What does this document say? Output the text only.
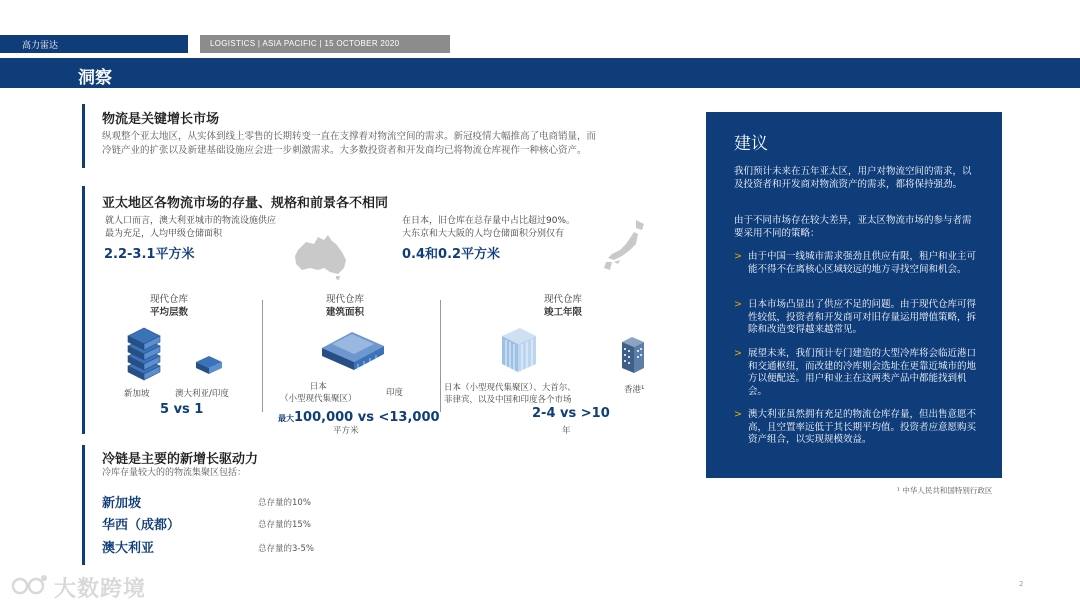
高力雷达	LOGISTICS | ASIA PACIFIC | 15 OCTOBER 2020
洞察
物流是关键增长市场
纵观整个亚太地区，从实体到线上零售的长期转变一直在支撑着对物流空间的需求。新冠疫情大幅推高了电商销量，而
冷链产业的扩张以及新建基础设施应会进一步刺激需求。大多数投资者和开发商均已将物流仓库视作一种核心资产。
亚太地区各物流市场的存量、规格和前景各不相同
就人口而言，澳大利亚城市的物流设施供应
最为充足，人均甲级仓储面积
2.2-3.1平方米
在日本，旧仓库在总存量中占比超过90%。
大东京和大大阪的人均仓储面积分别仅有
0.4和0.2平方米
现代仓库
平均层数
新加坡	澳大利亚/印度
5 vs 1
现代仓库
建筑面积
日本
（小型现代集聚区）
印度
最大100,000 vs <13,000
平方米
现代仓库
竣工年限
日本（小型现代集聚区）、大首尔、
菲律宾，以及中国和印度各个市场
香港¹
2-4 vs >10
年
冷链是主要的新增长驱动力
冷库存量较大的的物流集聚区包括：
新加坡	总存量的10%
华西（成都）	总存量的15%
澳大利亚	总存量的3-5%
建议
我们预计未来在五年亚太区，用户对物流空间的需求，以及投资者和开发商对物流资产的需求，都将保持强劲。
由于不同市场存在较大差异，亚太区物流市场的参与者需要采用不同的策略：
> 由于中国一线城市需求强劲且供应有限，租户和业主可能不得不在离核心区域较远的地方寻找空间和机会。
> 日本市场凸显出了供应不足的问题。由于现代仓库可得性较低，投资者和开发商可对旧存量运用增值策略，拆除和改造变得越来越常见。
> 展望未来，我们预计专门建造的大型冷库将会临近港口和交通枢纽，而改建的冷库则会选址在更靠近城市的地方以便配送。用户和业主在这两类产品中都能找到机会。
> 澳大利亚虽然拥有充足的物流仓库存量，但出售意愿不高，且空置率远低于其长期平均值。投资者应意愿购买资产组合，以实现规模效益。
¹ 中华人民共和国特别行政区
2
大数跨境
